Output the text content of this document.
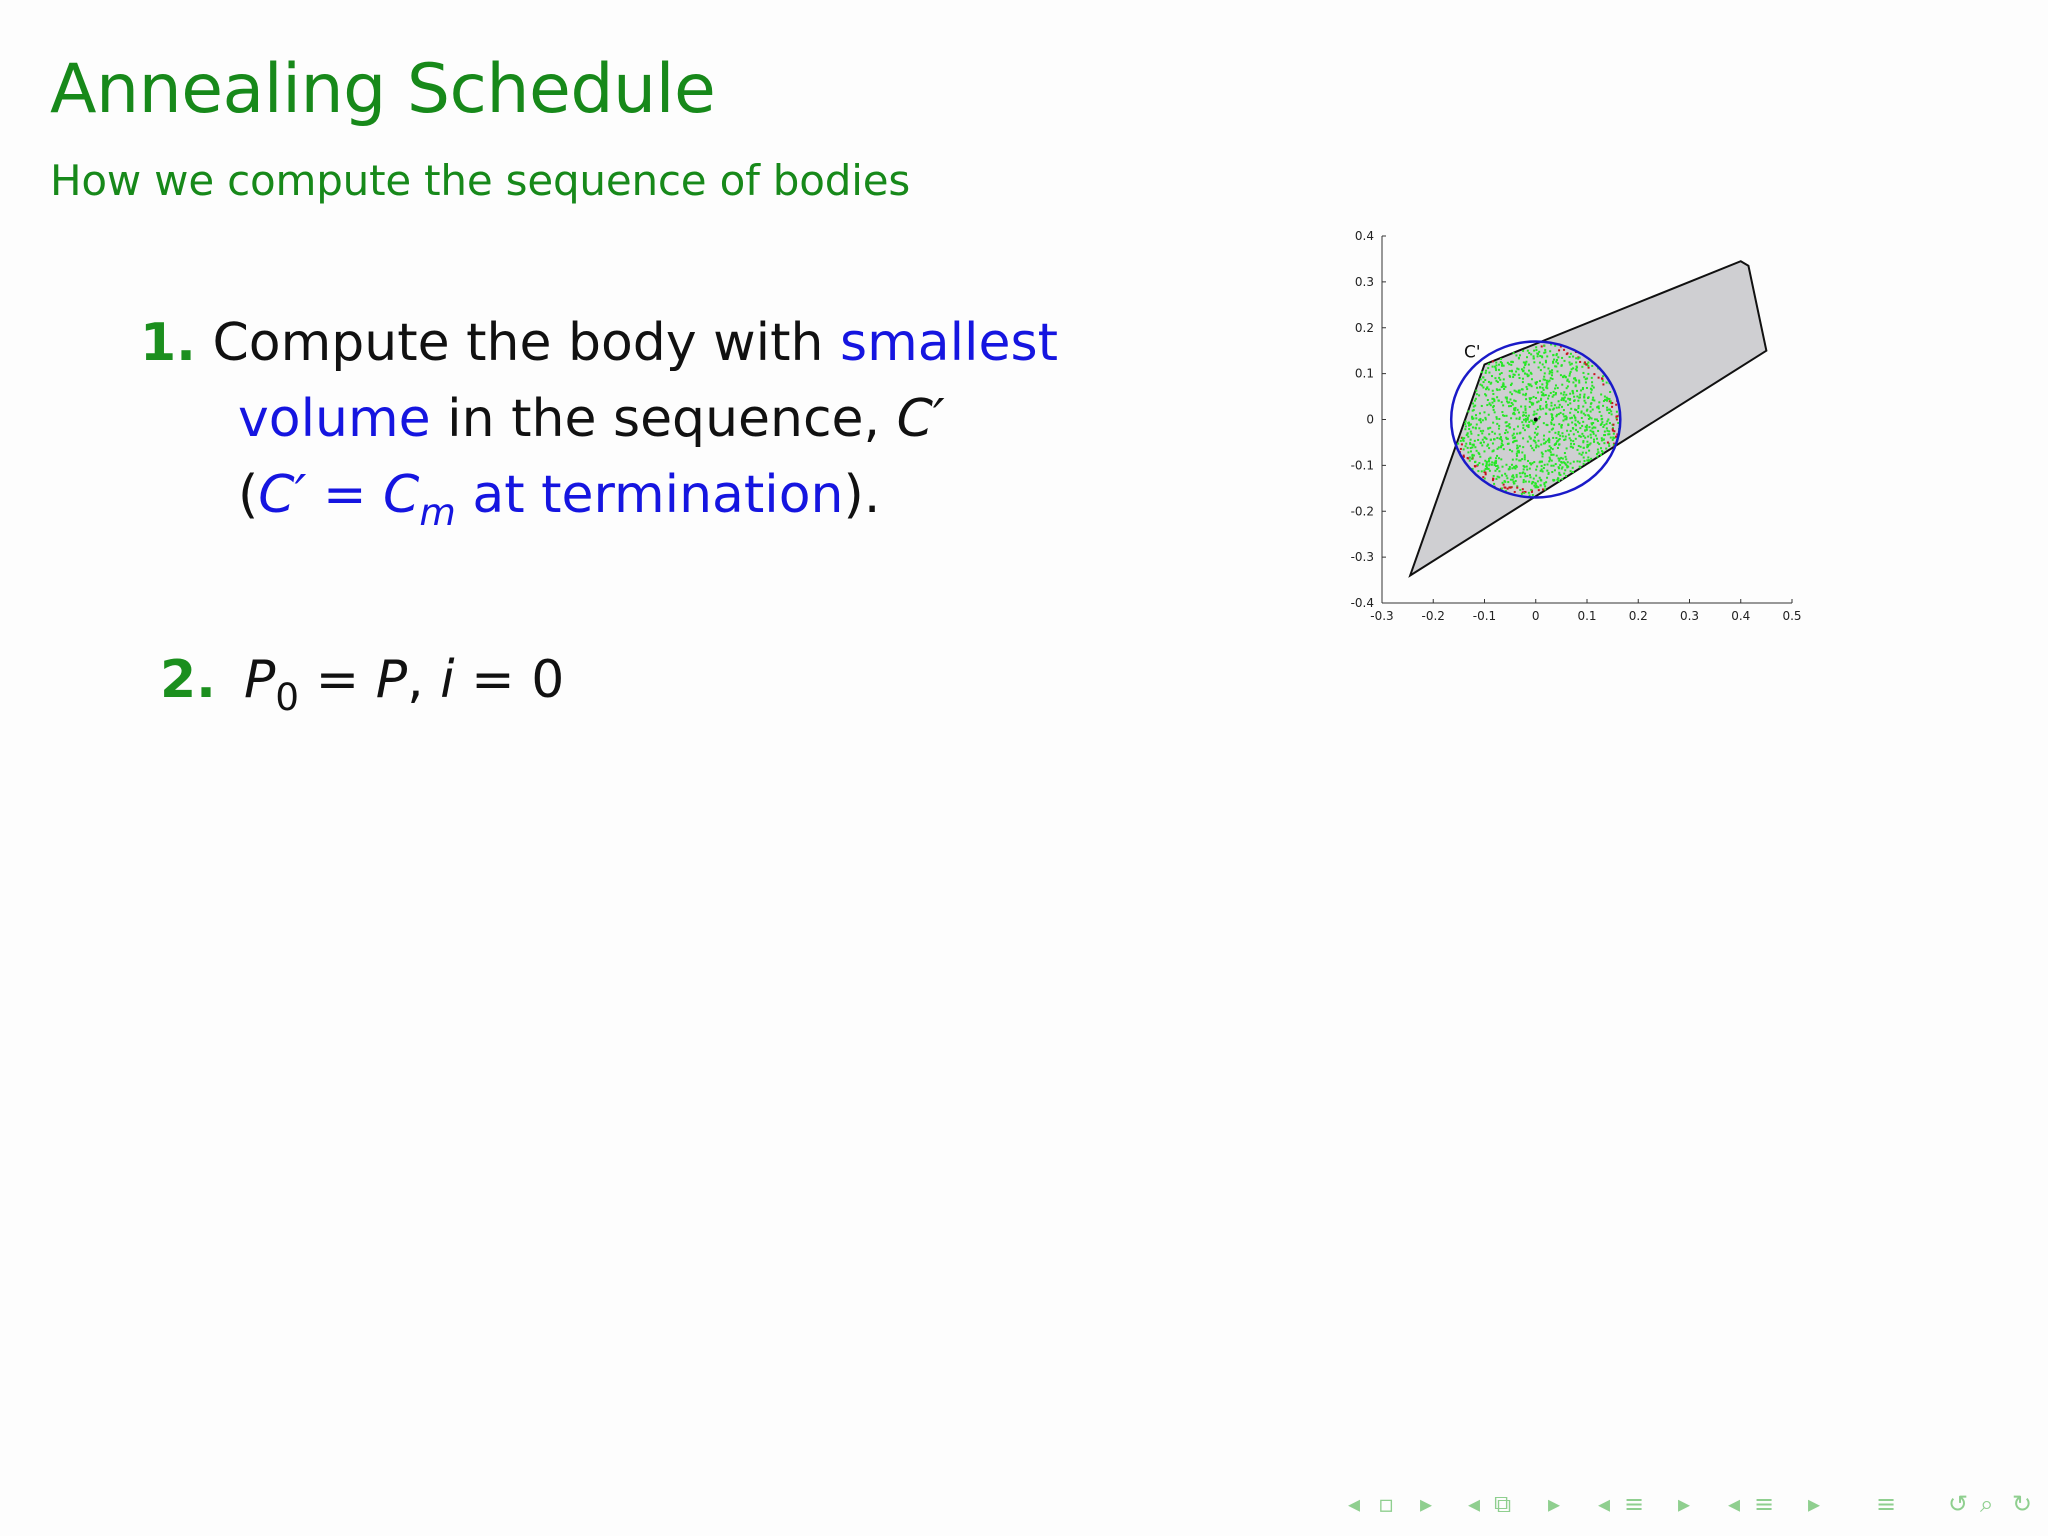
Annealing Schedule
How we compute the sequence of bodies
1. Compute the body with smallest
volume in the sequence, C′
($C' = C_m$ at termination).
2. $P_0 = P$, i = 0
C'
-0.3 -0.2 -0.1	0	0.1	0.2	0.3	0.4	0.5
0.4
0.3
0.2
0.1
0
-0.1
-0.2
-0.3
-0.4
◂ ▫ ▸ ◂ ⧉ ▸ ◂ ≡ ▸ ◂ ≡ ▸ ≡ ↺ ⌕ ↻
